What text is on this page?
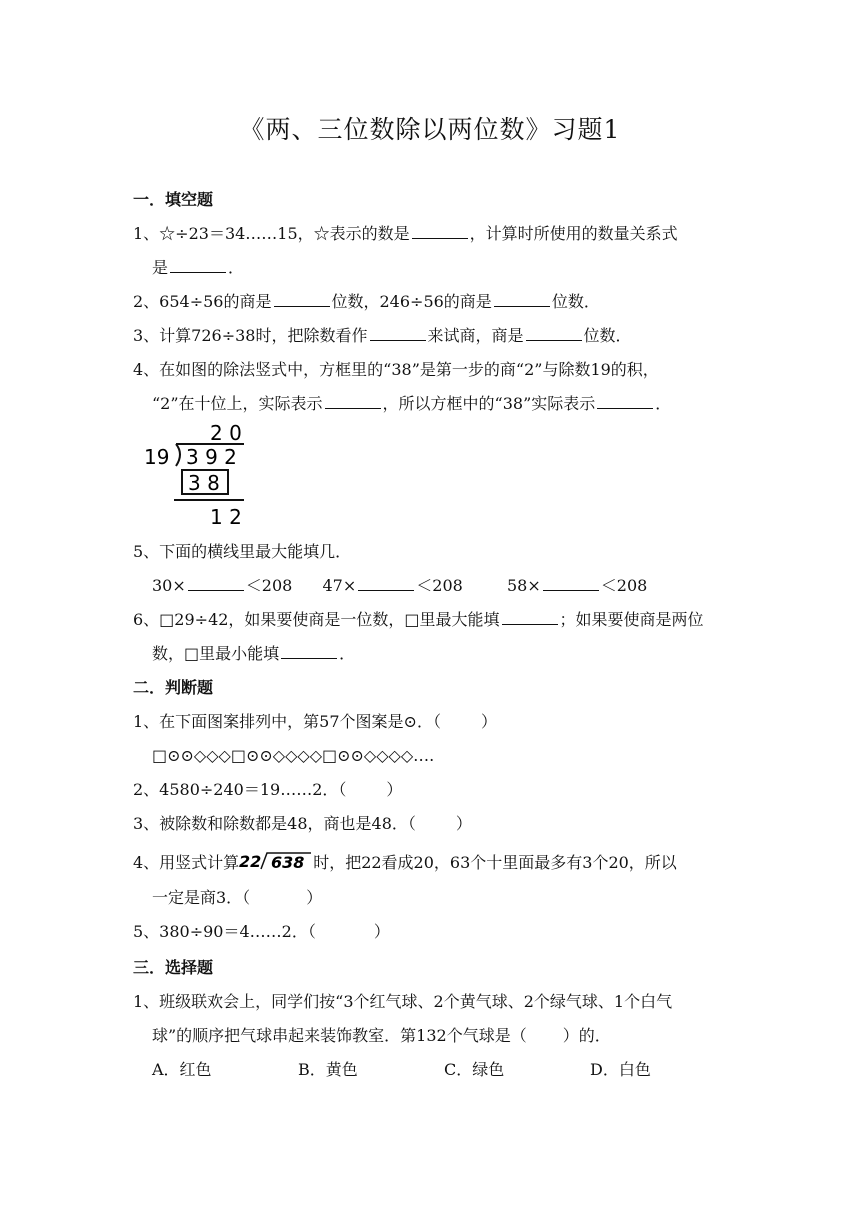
《两、三位数除以两位数》习题1
一．填空题
1、☆÷23＝34……15，☆表示的数是	，计算时所使用的数量关系式
是	．
2、654÷56的商是	位数，246÷56的商是	位数．
3、计算726÷38时，把除数看作	来试商，商是	位数．
4、在如图的除法竖式中，方框里的“38”是第一步的商“2”与除数19的积，
“2”在十位上，实际表示	，所以方框中的“38”实际表示	．
2 0
19 3 9 2
3 8
1 2
5、下面的横线里最大能填几．
30×	＜208 47×	＜208	58×	＜208
6、□29÷42，如果要使商是一位数，□里最大能填	；如果要使商是两位
数，□里最小能填	．
二．判断题
1、在下面图案排列中，第57个图案是⊙．（	）
□⊙⊙◇◇◇□⊙⊙◇◇◇◇□⊙⊙◇◇◇◇….
2、4580÷240＝19……2．（	）
3、被除数和除数都是48，商也是48．（	）
4、用竖式计算 22 638 时，把22看成20，63个十里面最多有3个20，所以
一定是商3．（	）
5、380÷90＝4……2．（	）
三．选择题
1、班级联欢会上，同学们按“3个红气球、2个黄气球、2个绿气球、1个白气
球”的顺序把气球串起来装饰教室．第132个气球是（ ）的．
A．红色	B．黄色	C．绿色	D．白色
